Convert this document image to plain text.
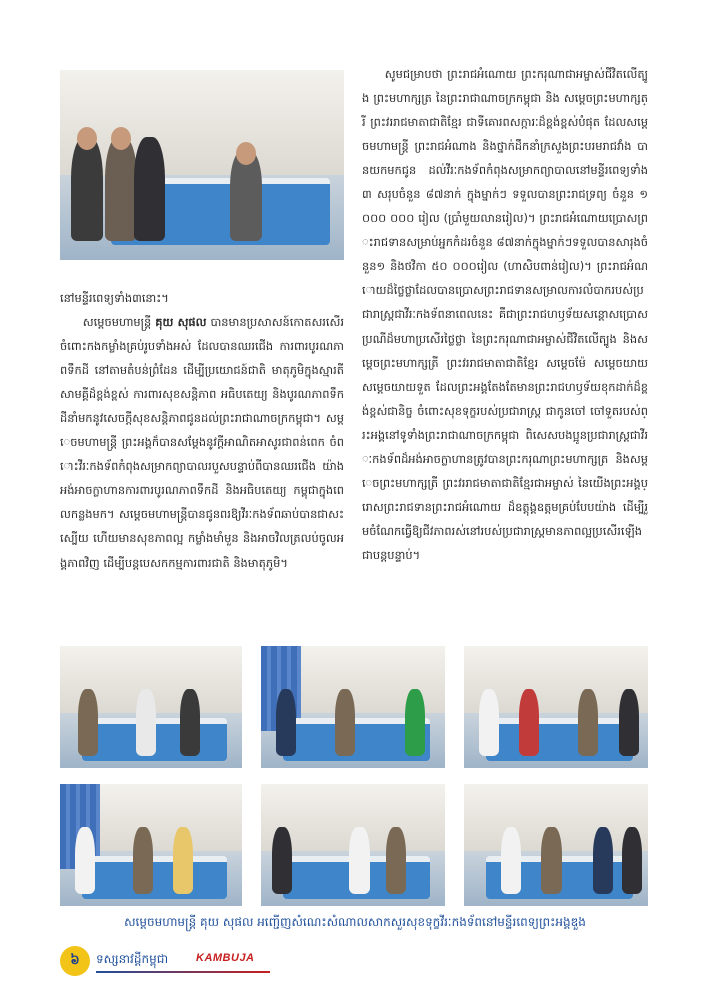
នៅមន្ទីរពេទ្យទាំង៣នោះ។

សម្តេចមហាមន្ត្រី គុយ សុផល បានមានប្រសាសន៍កោតសរសើរ ចំពោះកងកម្លាំងគ្រប់រូបទាំងអស់ ដែលបានឈរជើង ការពារបូរណភាពទឹកដី នៅតាមតំបន់ព្រំដែន ដើម្បីប្រយោជន៍ជាតិ មាតុភូមិក្នុងស្មារតីសាមគ្គីដ៏ខ្ពង់ខ្ពស់ ការពារសុខសន្តិភាព អធិបតេយ្យ និងបូរណភាពទឹកដីនាំមកនូវសេចក្ដីសុខសន្តិភាពជូនដល់ព្រះរាជាណាចក្រកម្ពុជា។ សម្តេចមហាមន្ត្រី ព្រះអង្គក៏បានសម្តែងនូវក្តីអាណិតអាសូរជាពន់ពេក ចំពោះវីរៈកងទ័ពកំពុងសម្រាកព្យាបាលរបួសបន្ទាប់ពីបានឈរជើង យ៉ាងអង់អាចក្លាហានការពារបូរណភាពទឹកដី និងអធិបតេយ្យ កម្ពុជាក្នុងពេលកន្លងមក។ សម្តេចមហាមន្ត្រីបានជូនពរឱ្យវីរៈកងទ័ពឆាប់បានជាសះស្បើយ ហើយមានសុខភាពល្អ កម្លាំងមាំមួន និងអាចវិលត្រលប់ចូលអង្គភាពវិញ ដើម្បីបន្តបេសកកម្មការពារជាតិ និងមាតុភូមិ។

សូមជម្រាបថា ព្រះរាជអំណោយ ព្រះករុណាជាអម្ចាស់ជីវិតលើត្បូង ព្រះមហាក្សត្រ នៃព្រះរាជាណាចក្រកម្ពុជា និង សម្តេចព្រះមហាក្សត្រី ព្រះវររាជមាតាជាតិខ្មែរ ជាទីគោរពសក្ការៈដ៏ខ្ពង់ខ្ពស់បំផុត ដែលសម្តេចមហាមន្ត្រី ព្រះរាជអំណាង និងថ្នាក់ដឹកនាំក្រសួងព្រះបរមរាជវាំង បានយកមកជូន ដល់វីរៈកងទ័ពកំពុងសម្រាកព្យាបាលនៅមន្ទីរពេទ្យទាំង៣ សរុបចំនួន ៨៧នាក់ ក្នុងម្នាក់ៗ ទទួលបានព្រះរាជទ្រព្យ ចំនួន ១ ០០០ ០០០ រៀល (ប្រាំមួយលានរៀល)។ ព្រះរាជអំណោយប្រោសព្រះរាជទានសម្រាប់អ្នកកំដរចំនួន ៨៧នាក់ក្នុងម្នាក់ៗទទួលបានសារុងចំនួន១ និងថវិកា ៥០ ០០០រៀល (ហាសិបពាន់រៀល)។ ព្រះរាជអំណោយដ៏ថ្លៃថ្លាដែលបានប្រោសព្រះរាជទានសម្រាលការលំបាករបស់ប្រជារាស្ត្រជាវីរៈកងទ័ពនាពេលនេះ គឺជាព្រះរាជហឫទ័យសន្តោសប្រោសប្រណីដ៏មហាប្រសើរថ្លៃថ្លា នៃព្រះករុណាជាអម្ចាស់ជីវិតលើត្បូង និងសម្តេចព្រះមហាក្សត្រី ព្រះវររាជមាតាជាតិខ្មែរ សម្តេចម៉ែ សម្តេចយាយ សម្តេចយាយទួត ដែលព្រះអង្គតែងតែមានព្រះរាជហឫទ័យខុកដាក់ដ៏ខ្ពង់ខ្ពស់ជានិច្ច ចំពោះសុខទុក្ខរបស់ប្រជារាស្ត្រ ជាកូនចៅ ចៅទួតរបស់ព្រះអង្គនៅទូទាំងព្រះរាជាណាចក្រកម្ពុជា ពិសេសបងប្អូនប្រជារាស្ត្រជាវីរៈកងទ័ពដ៏អង់អាចក្លាហានត្រូវបានព្រះករុណាព្រះមហាក្សត្រ និងសម្តេចព្រះមហាក្សត្រី ព្រះវររាជមាតាជាតិខ្មែរជាអម្ចាស់ នៃយើងព្រះអង្គប្រោសព្រះរាជទានព្រះរាជអំណោយ ដ៏ឧត្តុង្គឧត្តមគ្រប់បែបយ៉ាង ដើម្បីរួមចំណែកធ្វើឱ្យជីវភាពរស់នៅរបស់ប្រជារាស្ត្រមានភាពល្អប្រសើរឡើងជាបន្តបន្ទាប់។

សម្តេចមហាមន្ត្រី គុយ សុផល អញ្ជើញសំណេះសំណាលសាកសួរសុខទុក្ខវីរៈកងទ័ពនៅមន្ទីរពេទ្យព្រះអង្គឌួង
៦ ទស្សនាវដ្តីកម្ពុជា	KAMBUJA
